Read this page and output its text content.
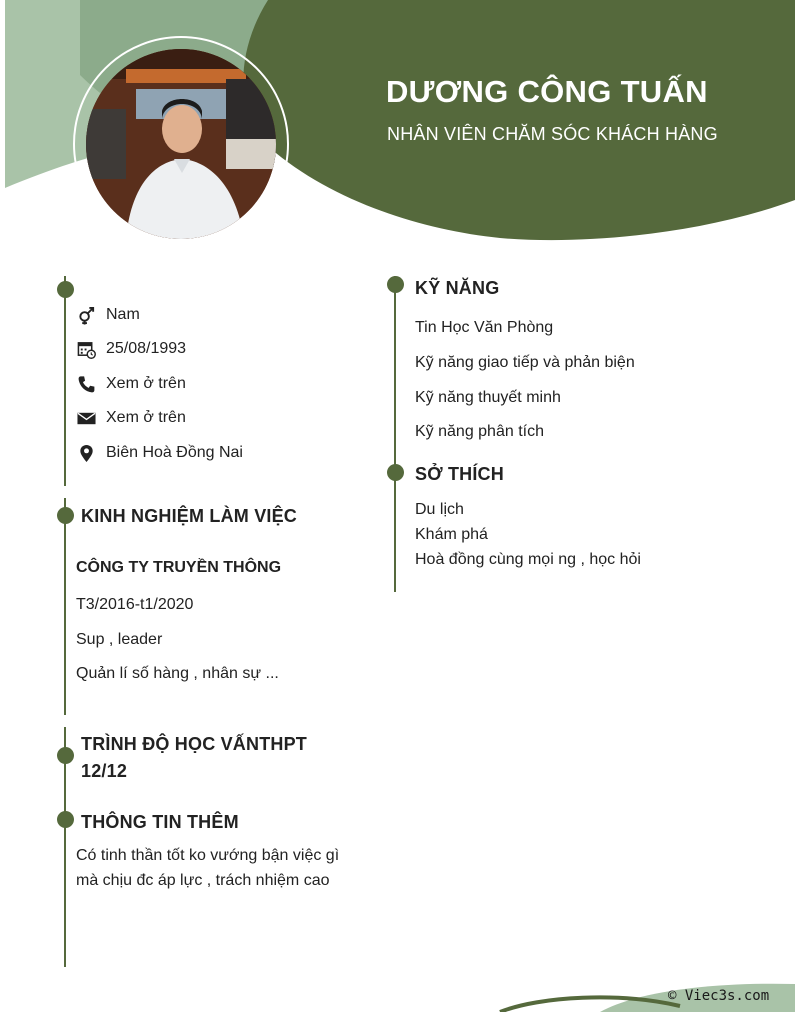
DƯƠNG CÔNG TUẤN
NHÂN VIÊN CHĂM SÓC KHÁCH HÀNG
Nam
25/08/1993
Xem ở trên
Xem ở trên
Biên Hoà Đồng Nai
KINH NGHIỆM LÀM VIỆC
CÔNG TY TRUYỀN THÔNG
T3/2016-t1/2020
Sup , leader
Quản lí số hàng , nhân sự ...
TRÌNH ĐỘ HỌC VẤNTHPT
12/12
THÔNG TIN THÊM
Có tinh thần tốt ko vướng bận việc gì mà chịu đc áp lực , trách nhiệm cao
KỸ NĂNG
Tin Học Văn Phòng
Kỹ năng giao tiếp và phản biện
Kỹ năng thuyết minh
Kỹ năng phân tích
SỞ THÍCH
Du lịch
Khám phá
Hoà đồng cùng mọi ng , học hỏi
© Viec3s.com
